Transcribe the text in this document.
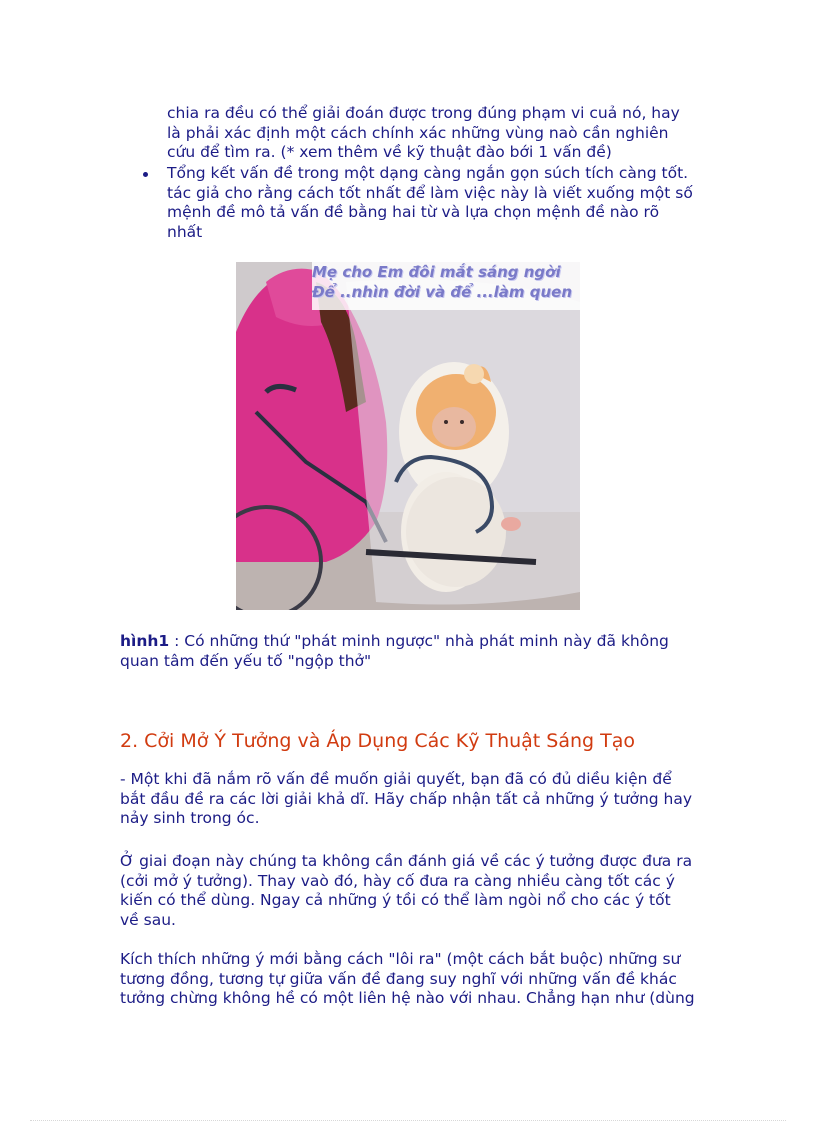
chia ra đều có thể giải đoán được trong đúng phạm vi cuả nó, hay
là phải xác định một cách chính xác những vùng naò cần nghiên
cứu để tìm ra. (* xem thêm về kỹ thuật đào bới 1 vấn đề)
Tổng kết vấn đề trong một dạng càng ngắn gọn súch tích càng tốt.
tác giả cho rằng cách tốt nhất để làm việc này là viết xuống một số
mệnh đề mô tả vấn đề bằng hai từ và lựa chọn mệnh đề nào rõ
nhất
Mẹ cho Em đôi mắt sáng ngời
Để ..nhìn đời và để ...làm quen
hình1 : Có những thứ "phát minh ngược" nhà phát minh này đã không
quan tâm đến yếu tố "ngộp thở"
2. Cởi Mở Ý Tưởng và Áp Dụng Các Kỹ Thuật Sáng Tạo
- Một khi đã nắm rõ vấn đề muốn giải quyết, bạn đã có đủ diều kiện để
bắt đầu đề ra các lời giải khả dĩ. Hãy chấp nhận tất cả những ý tưởng hay
nảy sinh trong óc.
Ở giai đoạn này chúng ta không cần đánh giá về các ý tưởng được đưa ra
(cởi mở ý tưởng). Thay vaò đó, hày cố đưa ra càng nhiều càng tốt các ý
kiến có thể dùng. Ngay cả những ý tồi có thể làm ngòi nổ cho các ý tốt
về sau.
Kích thích những ý mới bằng cách "lôi ra" (một cách bắt buộc) những sư
tương đồng, tương tự giữa vấn đề đang suy nghĩ với những vấn đề khác
tưởng chừng không hề có một liên hệ nào với nhau. Chẳng hạn như (dùng
